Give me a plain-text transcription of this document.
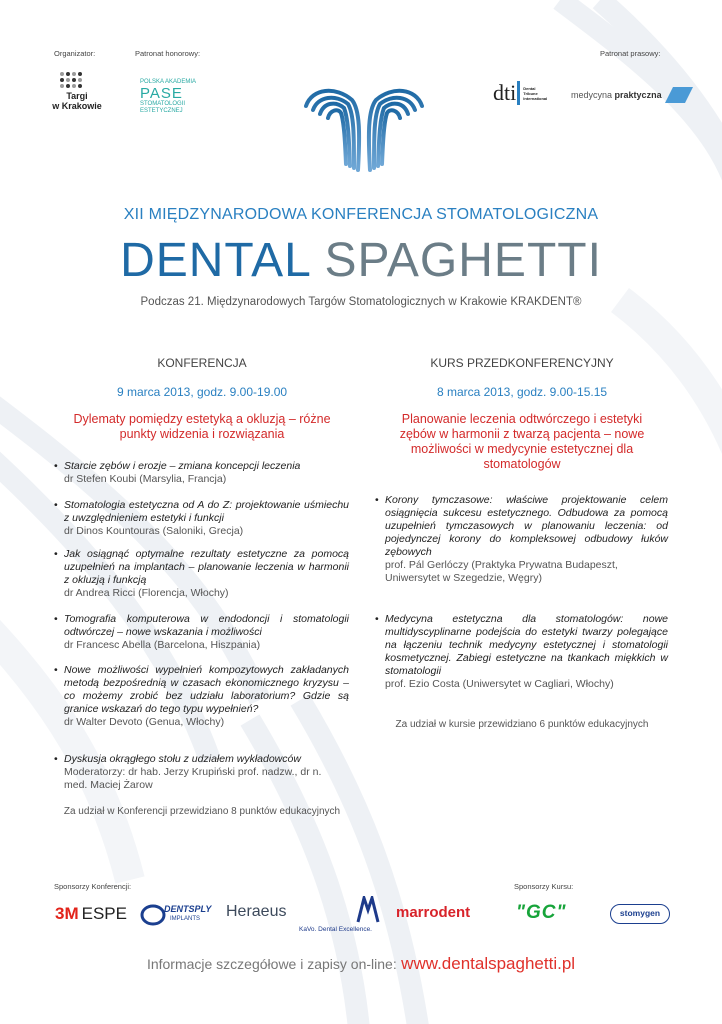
Organizator:	Patronat honorowy:	Patronat prasowy:
Targi
w Krakowie
POLSKA AKADEMIA
PASE
STOMATOLOGII
ESTETYCZNEJ
dti Dental
Tribune
International	medycyna praktyczna
XII MIĘDZYNARODOWA KONFERENCJA STOMATOLOGICZNA
DENTAL SPAGHETTI
Podczas 21. Międzynarodowych Targów Stomatologicznych w Krakowie KRAKDENT®
KONFERENCJA
9 marca 2013, godz. 9.00-19.00
Dylematy pomiędzy estetyką a okluzją – różne punkty widzenia i rozwiązania
• Starcie zębów i erozje – zmiana koncepcji leczenia
dr Stefen Koubi (Marsylia, Francja)
• Stomatologia estetyczna od A do Z: projektowanie uśmiechu z uwzględnieniem estetyki i funkcji
dr Dinos Kountouras (Saloniki, Grecja)
• Jak osiągnąć optymalne rezultaty estetyczne za pomocą uzupełnień na implantach – planowanie leczenia w harmonii z okluzją i funkcją
dr Andrea Ricci (Florencja, Włochy)
• Tomografia komputerowa w endodoncji i stomatologii odtwórczej – nowe wskazania i możliwości
dr Francesc Abella (Barcelona, Hiszpania)
• Nowe możliwości wypełnień kompozytowych zakładanych metodą bezpośrednią w czasach ekonomicznego kryzysu – co możemy zrobić bez udziału laboratorium? Gdzie są granice wskazań do tego typu wypełnień?
dr Walter Devoto (Genua, Włochy)
• Dyskusja okrągłego stołu z udziałem wykładowców
Moderatorzy: dr hab. Jerzy Krupiński prof. nadzw., dr n. med. Maciej Żarow
Za udział w Konferencji przewidziano 8 punktów edukacyjnych
KURS PRZEDKONFERENCYJNY
8 marca 2013, godz. 9.00-15.15
Planowanie leczenia odtwórczego i estetyki zębów w harmonii z twarzą pacjenta – nowe możliwości w medycynie estetycznej dla stomatologów
• Korony tymczasowe: właściwe projektowanie celem osiągnięcia sukcesu estetycznego. Odbudowa za pomocą uzupełnień tymczasowych w planowaniu leczenia: od pojedynczej korony do kompleksowej odbudowy łuków zębowych
prof. Pál Gerlóczy (Praktyka Prywatna Budapeszt, Uniwersytet w Szegedzie, Węgry)
• Medycyna estetyczna dla stomatologów: nowe multidyscyplinarne podejścia do estetyki twarzy polegające na łączeniu technik medycyny estetycznej i stomatologii kosmetycznej. Zabiegi estetyczne na tkankach miękkich w stomatologii
prof. Ezio Costa (Uniwersytet w Cagliari, Włochy)
Za udział w kursie przewidziano 6 punktów edukacyjnych
Sponsorzy Konferencji:	Sponsorzy Kursu:
3M ESPE	DENTSPLY
IMPLANTS Heraeus
KaVo. Dental Excellence.
marrodent "GC"	stomygen
Informacje szczegółowe i zapisy on-line: www.dentalspaghetti.pl
